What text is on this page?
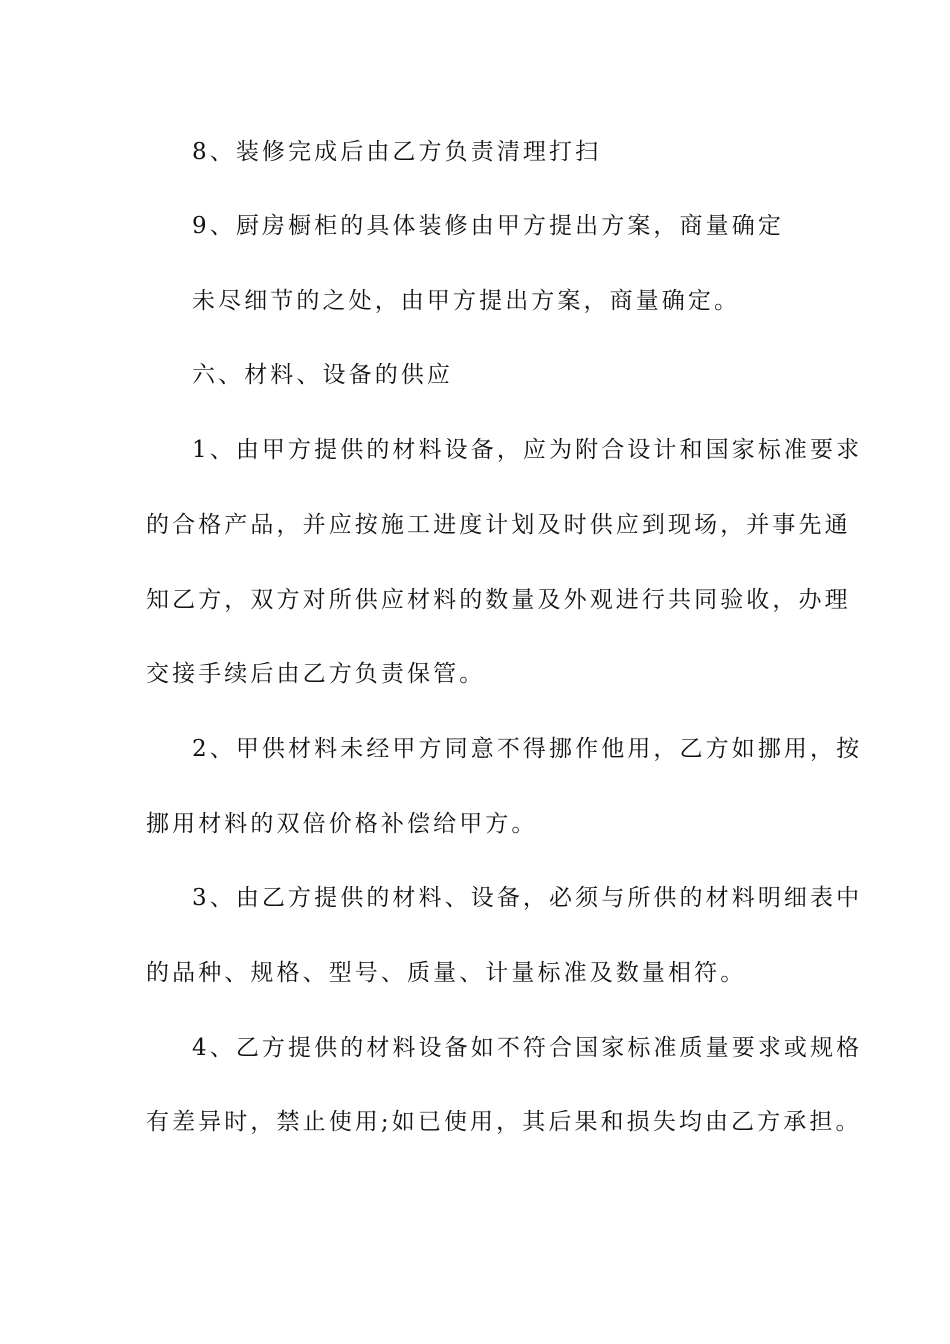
8、装修完成后由乙方负责清理打扫
9、厨房橱柜的具体装修由甲方提出方案，商量确定
未尽细节的之处，由甲方提出方案，商量确定。
六、材料、设备的供应
1、由甲方提供的材料设备，应为附合设计和国家标准要求
的合格产品，并应按施工进度计划及时供应到现场，并事先通
知乙方，双方对所供应材料的数量及外观进行共同验收，办理
交接手续后由乙方负责保管。
2、甲供材料未经甲方同意不得挪作他用，乙方如挪用，按
挪用材料的双倍价格补偿给甲方。
3、由乙方提供的材料、设备，必须与所供的材料明细表中
的品种、规格、型号、质量、计量标准及数量相符。
4、乙方提供的材料设备如不符合国家标准质量要求或规格
有差异时，禁止使用;如已使用，其后果和损失均由乙方承担。
